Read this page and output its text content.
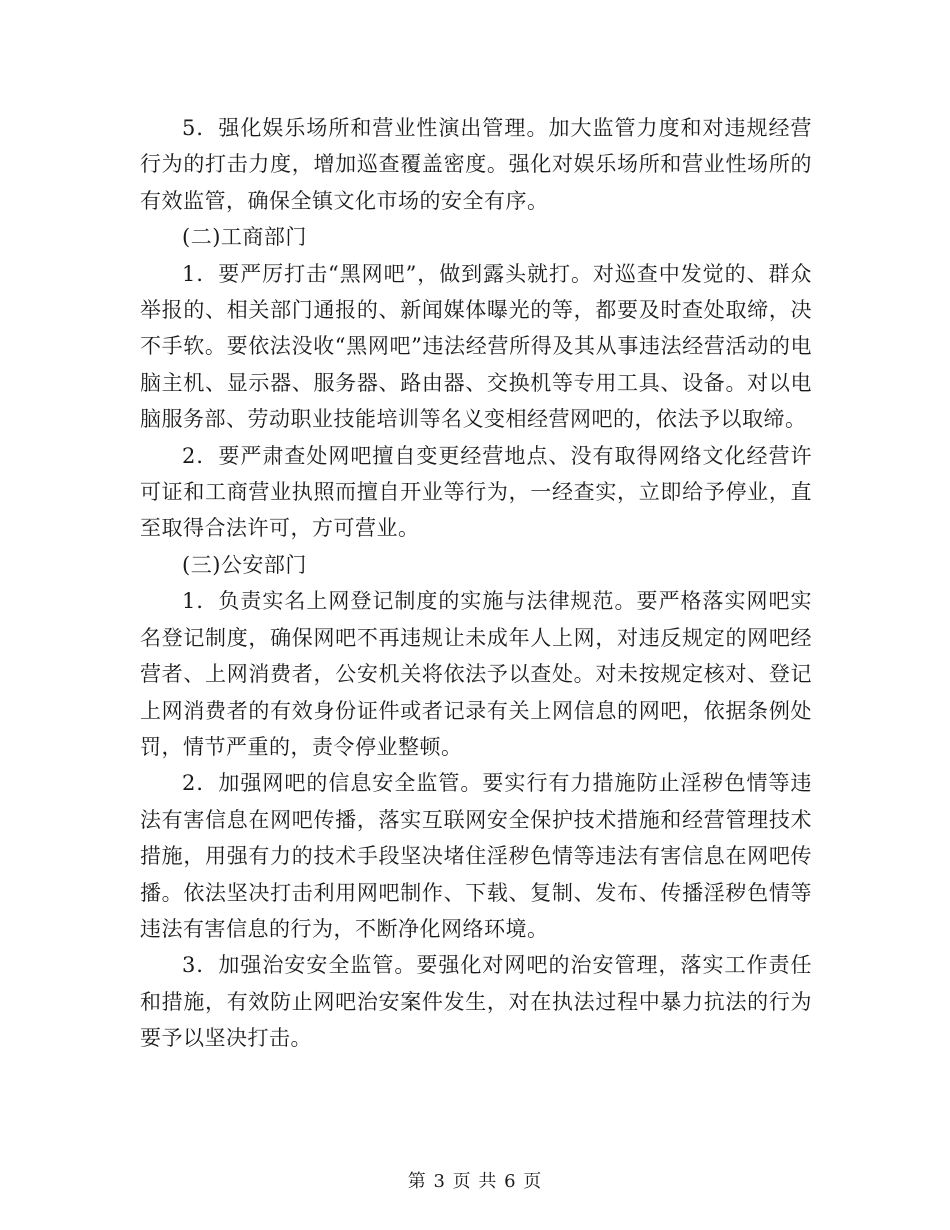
5．强化娱乐场所和营业性演出管理。加大监管力度和对违规经营行为的打击力度，增加巡查覆盖密度。强化对娱乐场所和营业性场所的有效监管，确保全镇文化市场的安全有序。

(二)工商部门

1．要严厉打击“黑网吧”，做到露头就打。对巡查中发觉的、群众举报的、相关部门通报的、新闻媒体曝光的等，都要及时查处取缔，决不手软。要依法没收“黑网吧”违法经营所得及其从事违法经营活动的电脑主机、显示器、服务器、路由器、交换机等专用工具、设备。对以电脑服务部、劳动职业技能培训等名义变相经营网吧的，依法予以取缔。

2．要严肃查处网吧擅自变更经营地点、没有取得网络文化经营许可证和工商营业执照而擅自开业等行为，一经查实，立即给予停业，直至取得合法许可，方可营业。

(三)公安部门

1．负责实名上网登记制度的实施与法律规范。要严格落实网吧实名登记制度，确保网吧不再违规让未成年人上网，对违反规定的网吧经营者、上网消费者，公安机关将依法予以查处。对未按规定核对、登记上网消费者的有效身份证件或者记录有关上网信息的网吧，依据条例处罚，情节严重的，责令停业整顿。

2．加强网吧的信息安全监管。要实行有力措施防止淫秽色情等违法有害信息在网吧传播，落实互联网安全保护技术措施和经营管理技术措施，用强有力的技术手段坚决堵住淫秽色情等违法有害信息在网吧传播。依法坚决打击利用网吧制作、下载、复制、发布、传播淫秽色情等违法有害信息的行为，不断净化网络环境。

3．加强治安安全监管。要强化对网吧的治安管理，落实工作责任和措施，有效防止网吧治安案件发生，对在执法过程中暴力抗法的行为要予以坚决打击。

第 3 页 共 6 页
